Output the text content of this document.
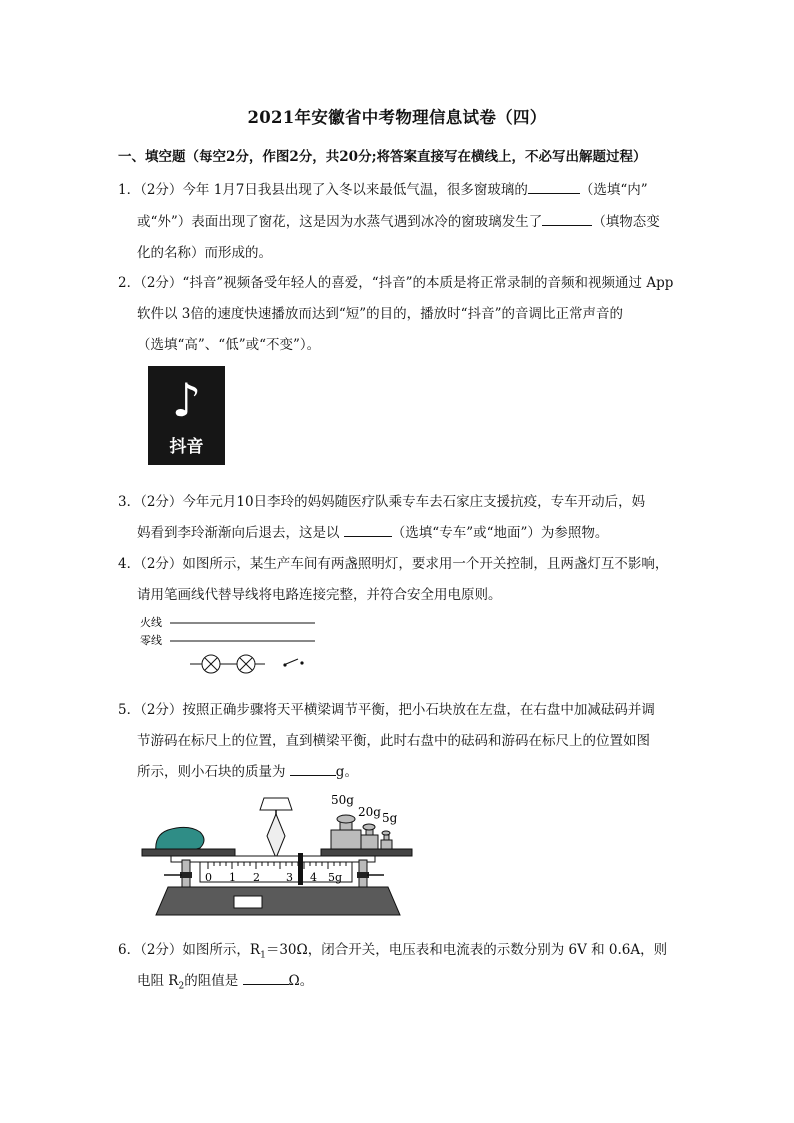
2021年安徽省中考物理信息试卷（四）
一、填空题（每空2分，作图2分，共20分;将答案直接写在横线上，不必写出解题过程）
1．（2分）今年 1月7日我县出现了入冬以来最低气温，很多窗玻璃的	（选填“内”
或“外”）表面出现了窗花，这是因为水蒸气遇到冰冷的窗玻璃发生了	（填物态变
化的名称）而形成的。
2．（2分）“抖音”视频备受年轻人的喜爱，“抖音”的本质是将正常录制的音频和视频通过 App
软件以 3倍的速度快速播放而达到“短”的目的，播放时“抖音”的音调比正常声音的
（选填“高”、“低”或“不变”）。
♪
抖音
3．（2分）今年元月10日李玲的妈妈随医疗队乘专车去石家庄支援抗疫，专车开动后，妈
妈看到李玲渐渐向后退去，这是以	（选填“专车”或“地面”）为参照物。
4．（2分）如图所示，某生产车间有两盏照明灯，要求用一个开关控制，且两盏灯互不影响，
请用笔画线代替导线将电路连接完整，并符合安全用电原则。
火线
零线
5．（2分）按照正确步骤将天平横梁调节平衡，把小石块放在左盘，在右盘中加减砝码并调
节游码在标尺上的位置，直到横梁平衡，此时右盘中的砝码和游码在标尺上的位置如图
所示，则小石块的质量为	g。
50g
20g 5g
0 1 2 3 4 5g
6．（2分）如图所示，$R_1=30\Omega$，闭合开关，电压表和电流表的示数分别为 6V 和 0.6A，则
电阻 $R_2$的阻值是	Ω。
